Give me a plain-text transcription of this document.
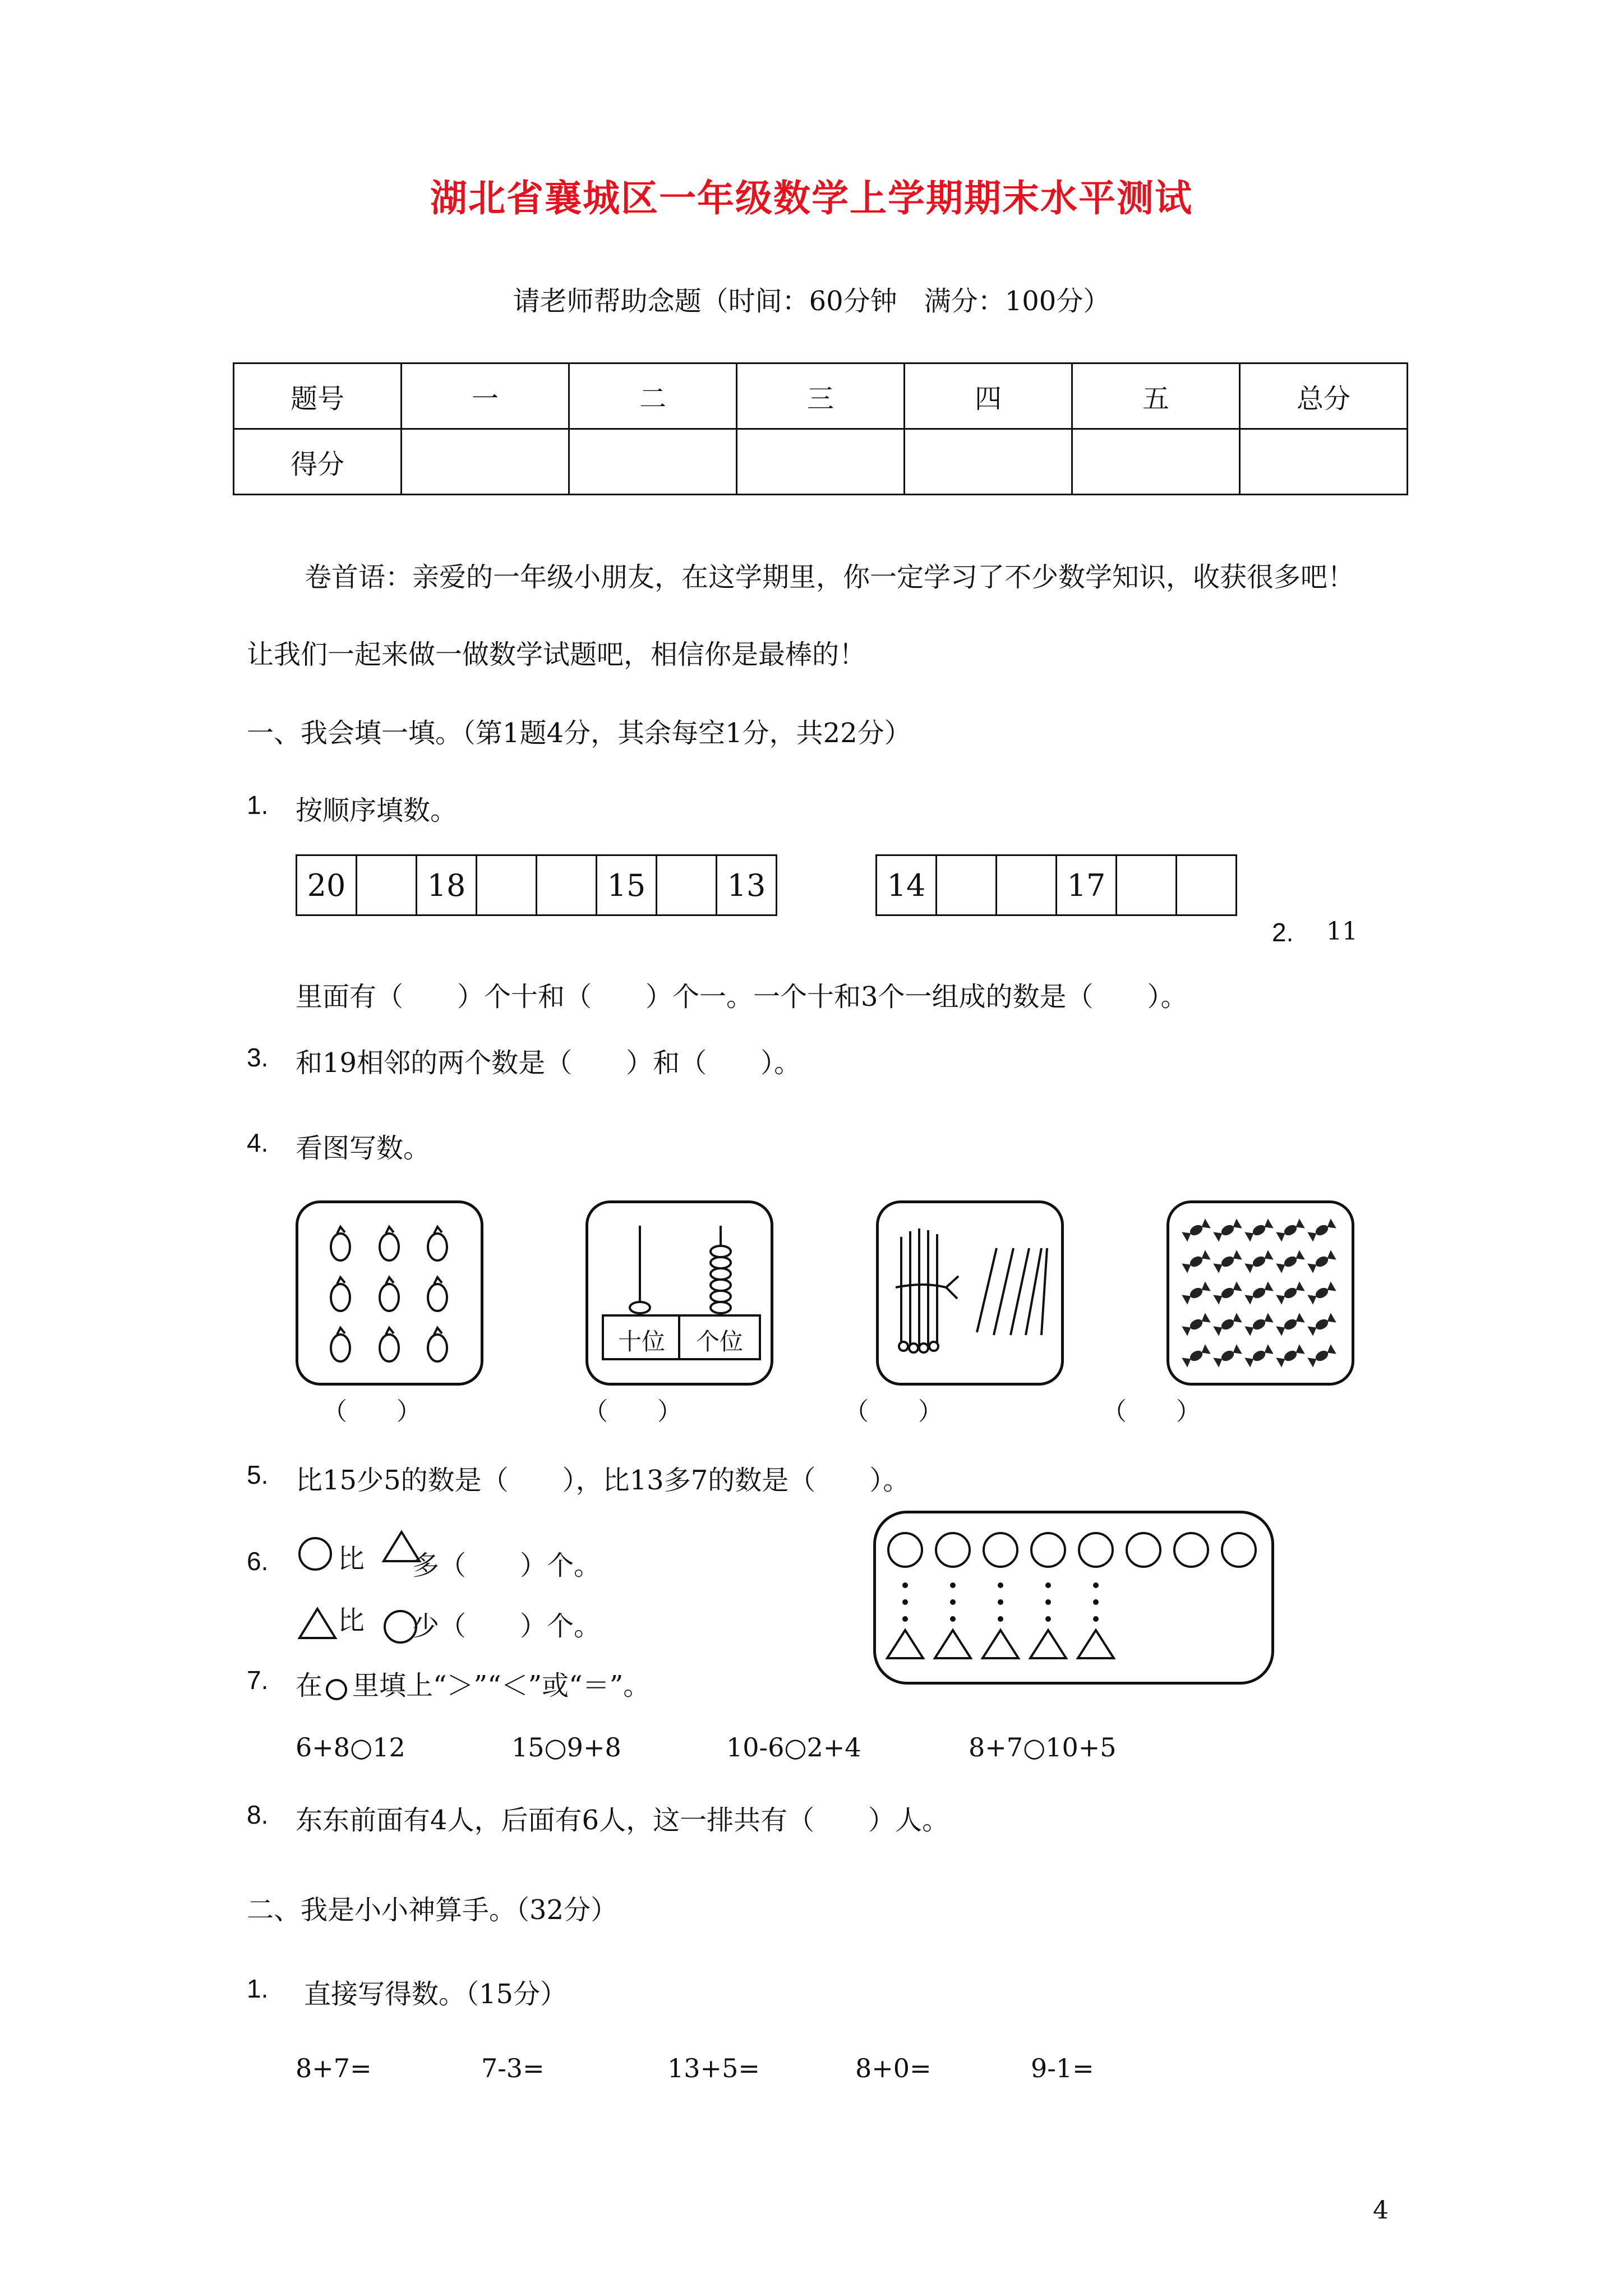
湖北省襄城区一年级数学上学期期末水平测试
请老师帮助念题（时间：60分钟　满分：100分）
题号	一	二	三	四	五	总分
得分						
卷首语：亲爱的一年级小朋友，在这学期里，你一定学习了不少数学知识，收获很多吧！
让我们一起来做一做数学试题吧，相信你是最棒的！
一、我会填一填。（第1题4分，其余每空1分，共22分）
1. 按顺序填数。
20		18			15		13	14			17		
2. 11
里面有（　　）个十和（　　）个一。一个十和3个一组成的数是（　　）。
3. 和19相邻的两个数是（　　）和（　　）。
4. 看图写数。
十位	个位
（　　）	（　　）	（　　）	（　　）
5. 比15少5的数是（　　），比13多7的数是（　　）。
6.	比 多（　　）个。
比 少（　　）个。
7. 在 里填上“＞”“＜”或“＝”。
6+8○12	15○9+8	10-6○2+4	8+7○10+5
8. 东东前面有4人，后面有6人，这一排共有（　　）人。
二、我是小小神算手。（32分）
1. 直接写得数。（15分）
8+7=	7-3=	13+5=	8+0=	9-1=
4
